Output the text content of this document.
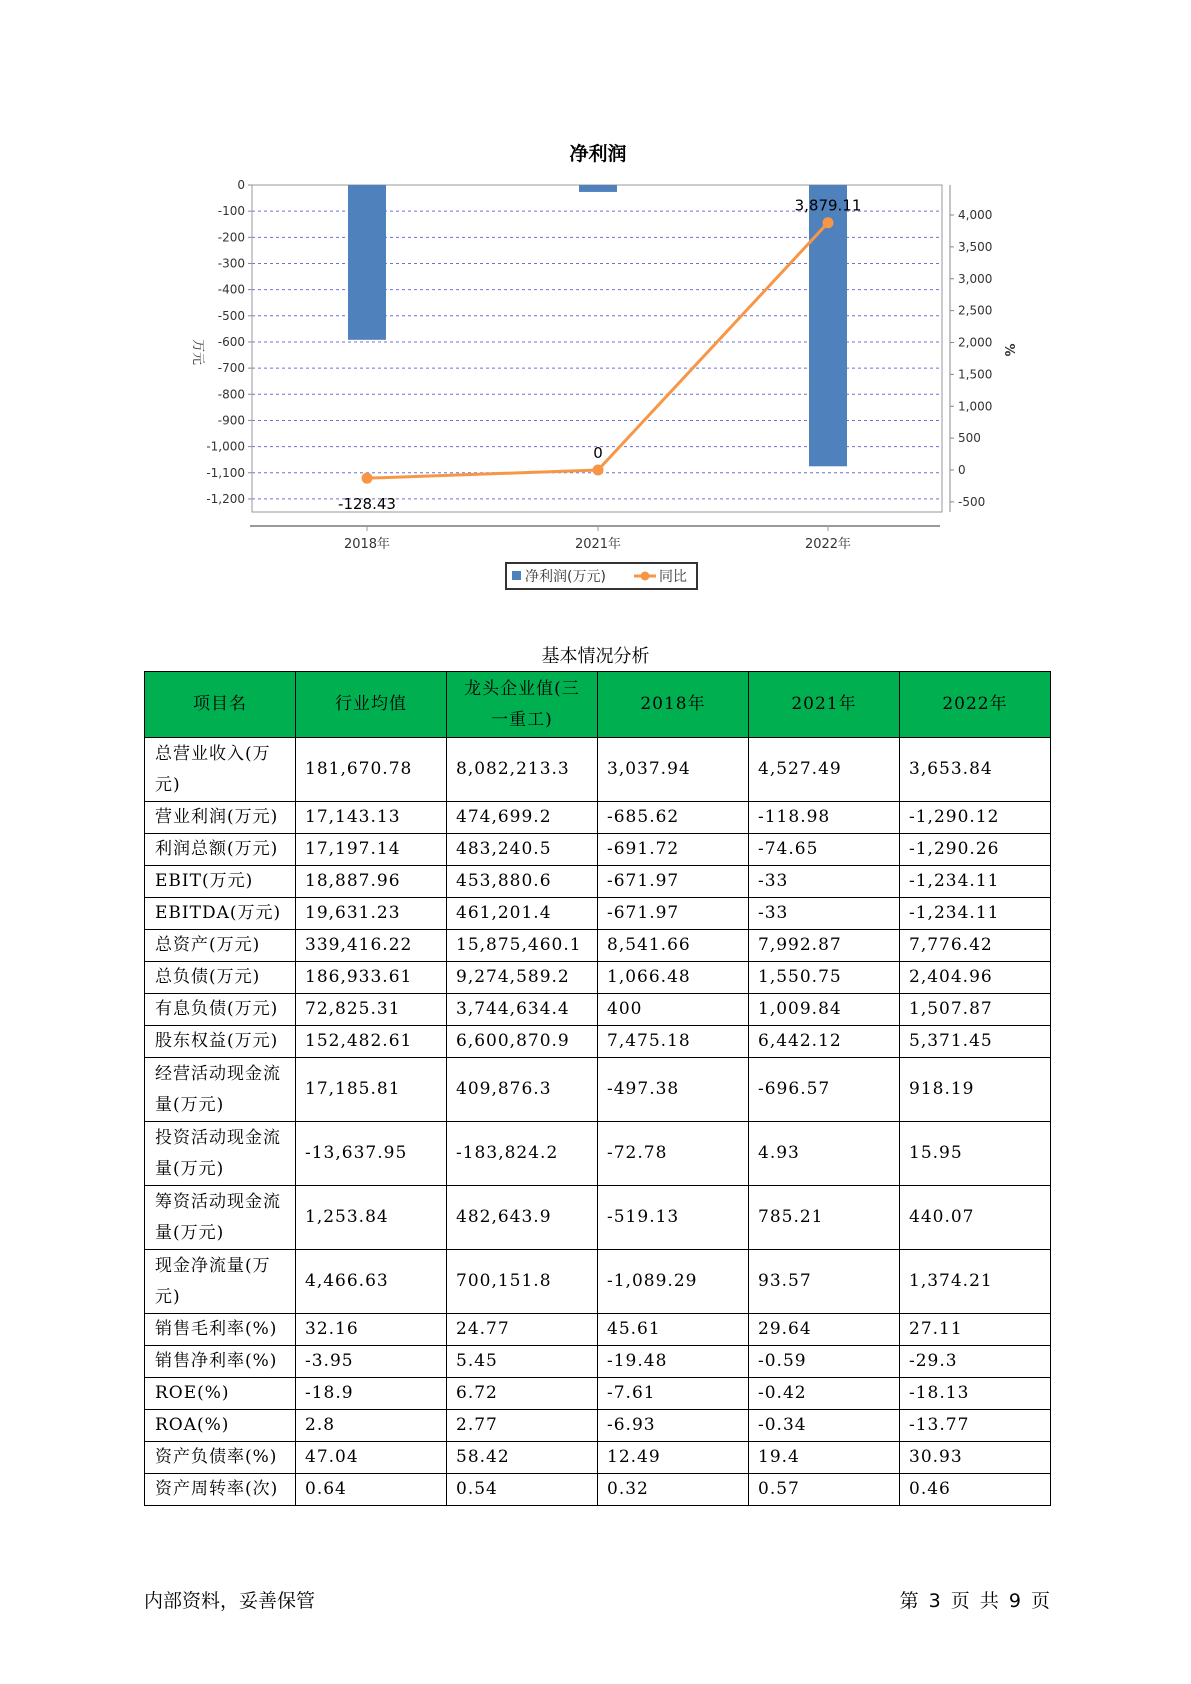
净利润
0
-100
-200
-300
-400
-500
-600
-700
-800
-900
-1,000
-1,100
-1,200
4,000
3,500
3,000
2,500
2,000
1,500
1,000
500
0
-500
万元	%
2018年	2021年	2022年
-128.43
0
3,879.11
净利润(万元)	同比
基本情况分析
项目名	行业均值	龙头企业值(三一重工)	2018年	2021年	2022年
总营业收入(万元)	181,670.78	8,082,213.3	3,037.94	4,527.49	3,653.84
营业利润(万元)	17,143.13	474,699.2	-685.62	-118.98	-1,290.12
利润总额(万元)	17,197.14	483,240.5	-691.72	-74.65	-1,290.26
EBIT(万元)	18,887.96	453,880.6	-671.97	-33	-1,234.11
EBITDA(万元)	19,631.23	461,201.4	-671.97	-33	-1,234.11
总资产(万元)	339,416.22	15,875,460.1	8,541.66	7,992.87	7,776.42
总负债(万元)	186,933.61	9,274,589.2	1,066.48	1,550.75	2,404.96
有息负债(万元)	72,825.31	3,744,634.4	400	1,009.84	1,507.87
股东权益(万元)	152,482.61	6,600,870.9	7,475.18	6,442.12	5,371.45
经营活动现金流量(万元)	17,185.81	409,876.3	-497.38	-696.57	918.19
投资活动现金流量(万元)	-13,637.95	-183,824.2	-72.78	4.93	15.95
筹资活动现金流量(万元)	1,253.84	482,643.9	-519.13	785.21	440.07
现金净流量(万元)	4,466.63	700,151.8	-1,089.29	93.57	1,374.21
销售毛利率(%)	32.16	24.77	45.61	29.64	27.11
销售净利率(%)	-3.95	5.45	-19.48	-0.59	-29.3
ROE(%)	-18.9	6.72	-7.61	-0.42	-18.13
ROA(%)	2.8	2.77	-6.93	-0.34	-13.77
资产负债率(%)	47.04	58.42	12.49	19.4	30.93
资产周转率(次)	0.64	0.54	0.32	0.57	0.46
内部资料，妥善保管	第 3 页 共 9 页
